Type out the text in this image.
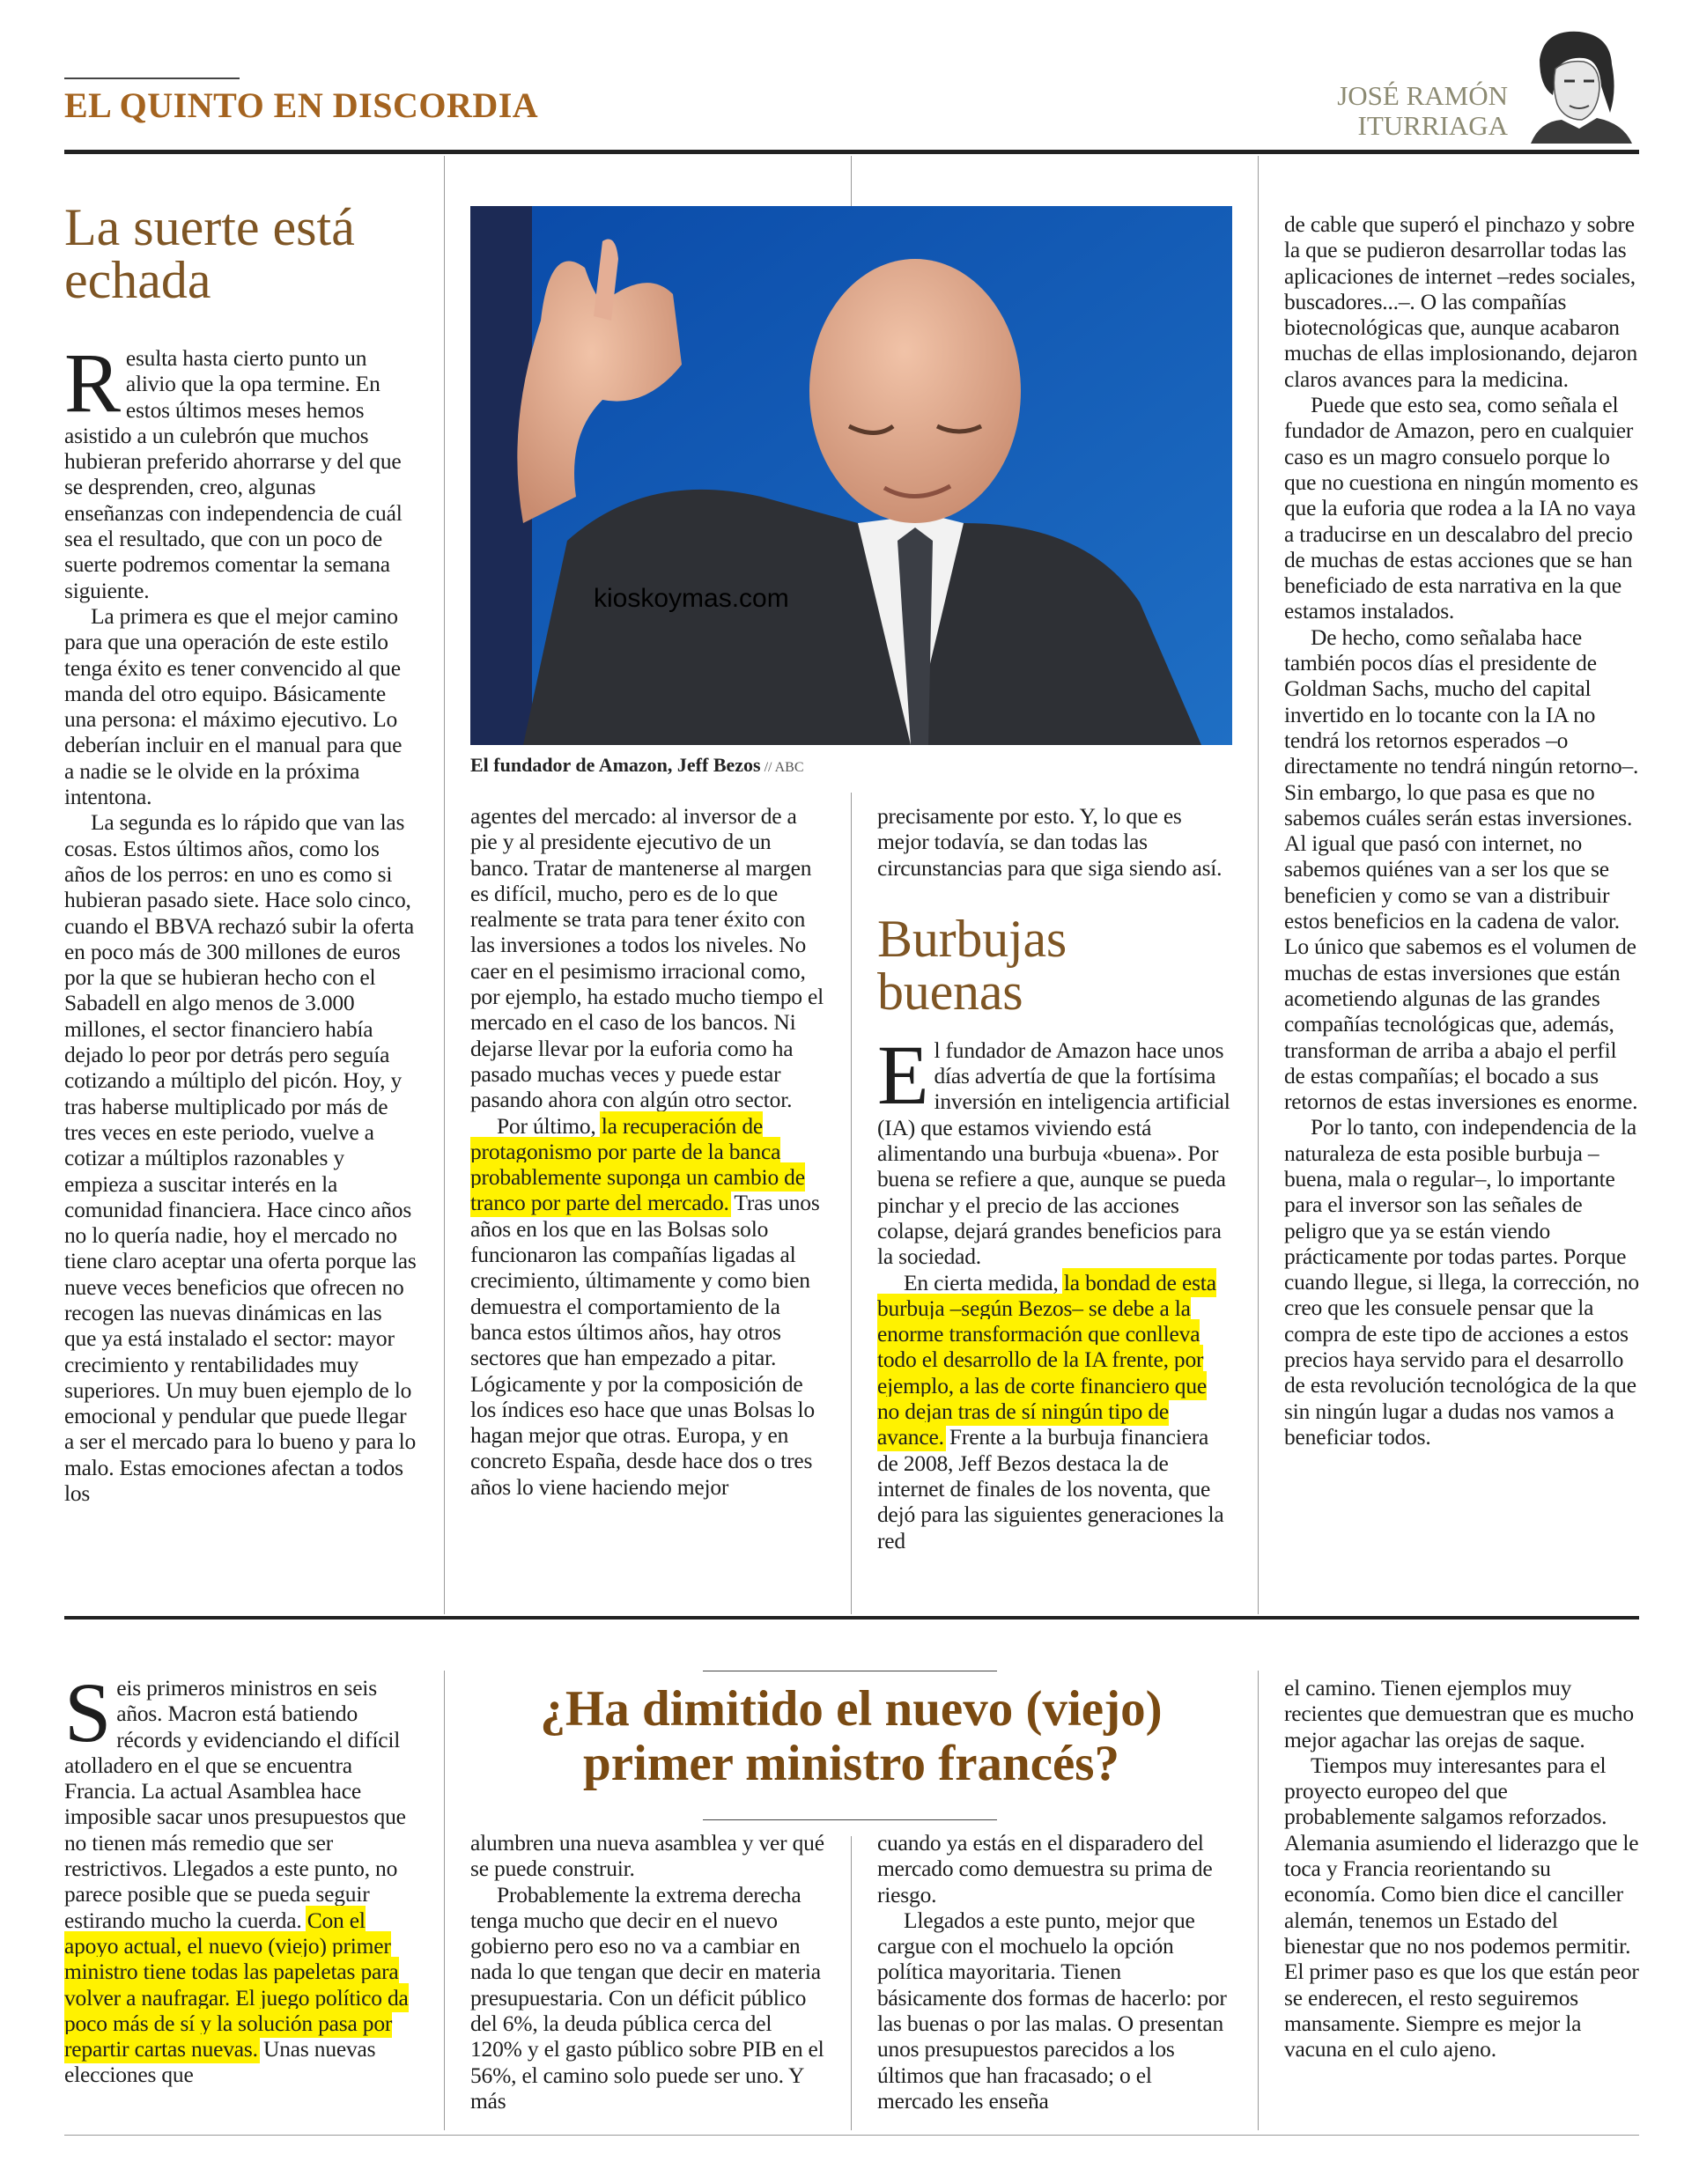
EL QUINTO EN DISCORDIA	JOSÉ RAMÓN
ITURRIAGA
La suerte está echada

Resulta hasta cierto punto un alivio que la opa termine. En estos últimos meses hemos asistido a un culebrón que muchos hubieran preferido ahorrarse y del que se desprenden, creo, algunas enseñanzas con independencia de cuál sea el resultado, que con un poco de suerte podremos comentar la semana siguiente.

La primera es que el mejor camino para que una operación de este estilo tenga éxito es tener convencido al que manda del otro equipo. Básicamente una persona: el máximo ejecutivo. Lo deberían incluir en el manual para que a nadie se le olvide en la próxima intentona.

La segunda es lo rápido que van las cosas. Estos últimos años, como los años de los perros: en uno es como si hubieran pasado siete. Hace solo cinco, cuando el BBVA rechazó subir la oferta en poco más de 300 millones de euros por la que se hubieran hecho con el Sabadell en algo menos de 3.000 millones, el sector financiero había dejado lo peor por detrás pero seguía cotizando a múltiplo del picón. Hoy, y tras haberse multiplicado por más de tres veces en este periodo, vuelve a cotizar a múltiplos razonables y empieza a suscitar interés en la comunidad financiera. Hace cinco años no lo quería nadie, hoy el mercado no tiene claro aceptar una oferta porque las nueve veces beneficios que ofrecen no recogen las nuevas dinámicas en las que ya está instalado el sector: mayor crecimiento y rentabilidades muy superiores. Un muy buen ejemplo de lo emocional y pendular que puede llegar a ser el mercado para lo bueno y para lo malo. Estas emociones afectan a todos los

kioskoymas.com
El fundador de Amazon, Jeff Bezos // ABC

agentes del mercado: al inversor de a pie y al presidente ejecutivo de un banco. Tratar de mantenerse al margen es difícil, mucho, pero es de lo que realmente se trata para tener éxito con las inversiones a todos los niveles. No caer en el pesimismo irracional como, por ejemplo, ha estado mucho tiempo el mercado en el caso de los bancos. Ni dejarse llevar por la euforia como ha pasado muchas veces y puede estar pasando ahora con algún otro sector.

Por último, la recuperación de protagonismo por parte de la banca probablemente suponga un cambio de tranco por parte del mercado. Tras unos años en los que en las Bolsas solo funcionaron las compañías ligadas al crecimiento, últimamente y como bien demuestra el comportamiento de la banca estos últimos años, hay otros sectores que han empezado a pitar. Lógicamente y por la composición de los índices eso hace que unas Bolsas lo hagan mejor que otras. Europa, y en concreto España, desde hace dos o tres años lo viene haciendo mejor

precisamente por esto. Y, lo que es mejor todavía, se dan todas las circunstancias para que siga siendo así.

Burbujas buenas

El fundador de Amazon hace unos días advertía de que la fortísima inversión en inteligencia artificial (IA) que estamos viviendo está alimentando una burbuja «buena». Por buena se refiere a que, aunque se pueda pinchar y el precio de las acciones colapse, dejará grandes beneficios para la sociedad.

En cierta medida, la bondad de esta burbuja –según Bezos– se debe a la enorme transformación que conlleva todo el desarrollo de la IA frente, por ejemplo, a las de corte financiero que no dejan tras de sí ningún tipo de avance. Frente a la burbuja financiera de 2008, Jeff Bezos destaca la de internet de finales de los noventa, que dejó para las siguientes generaciones la red

de cable que superó el pinchazo y sobre la que se pudieron desarrollar todas las aplicaciones de internet –redes sociales, buscadores...–. O las compañías biotecnológicas que, aunque acabaron muchas de ellas implosionando, dejaron claros avances para la medicina.

Puede que esto sea, como señala el fundador de Amazon, pero en cualquier caso es un magro consuelo porque lo que no cuestiona en ningún momento es que la euforia que rodea a la IA no vaya a traducirse en un descalabro del precio de muchas de estas acciones que se han beneficiado de esta narrativa en la que estamos instalados.

De hecho, como señalaba hace también pocos días el presidente de Goldman Sachs, mucho del capital invertido en lo tocante con la IA no tendrá los retornos esperados –o directamente no tendrá ningún retorno–. Sin embargo, lo que pasa es que no sabemos cuáles serán estas inversiones. Al igual que pasó con internet, no sabemos quiénes van a ser los que se beneficien y como se van a distribuir estos beneficios en la cadena de valor. Lo único que sabemos es el volumen de muchas de estas inversiones que están acometiendo algunas de las grandes compañías tecnológicas que, además, transforman de arriba a abajo el perfil de estas compañías; el bocado a sus retornos de estas inversiones es enorme.

Por lo tanto, con independencia de la naturaleza de esta posible burbuja –buena, mala o regular–, lo importante para el inversor son las señales de peligro que ya se están viendo prácticamente por todas partes. Porque cuando llegue, si llega, la corrección, no creo que les consuele pensar que la compra de este tipo de acciones a estos precios haya servido para el desarrollo de esta revolución tecnológica de la que sin ningún lugar a dudas nos vamos a beneficiar todos.

¿Ha dimitido el nuevo (viejo) primer ministro francés?

Seis primeros ministros en seis años. Macron está batiendo récords y evidenciando el difícil atolladero en el que se encuentra Francia. La actual Asamblea hace imposible sacar unos presupuestos que no tienen más remedio que ser restrictivos. Llegados a este punto, no parece posible que se pueda seguir estirando mucho la cuerda. Con el apoyo actual, el nuevo (viejo) primer ministro tiene todas las papeletas para volver a naufragar. El juego político da poco más de sí y la solución pasa por repartir cartas nuevas. Unas nuevas elecciones que

alumbren una nueva asamblea y ver qué se puede construir.

Probablemente la extrema derecha tenga mucho que decir en el nuevo gobierno pero eso no va a cambiar en nada lo que tengan que decir en materia presupuestaria. Con un déficit público del 6%, la deuda pública cerca del 120% y el gasto público sobre PIB en el 56%, el camino solo puede ser uno. Y más

cuando ya estás en el disparadero del mercado como demuestra su prima de riesgo.

Llegados a este punto, mejor que cargue con el mochuelo la opción política mayoritaria. Tienen básicamente dos formas de hacerlo: por las buenas o por las malas. O presentan unos presupuestos parecidos a los últimos que han fracasado; o el mercado les enseña

el camino. Tienen ejemplos muy recientes que demuestran que es mucho mejor agachar las orejas de saque.

Tiempos muy interesantes para el proyecto europeo del que probablemente salgamos reforzados. Alemania asumiendo el liderazgo que le toca y Francia reorientando su economía. Como bien dice el canciller alemán, tenemos un Estado del bienestar que no nos podemos permitir. El primer paso es que los que están peor se enderecen, el resto seguiremos mansamente. Siempre es mejor la vacuna en el culo ajeno.
